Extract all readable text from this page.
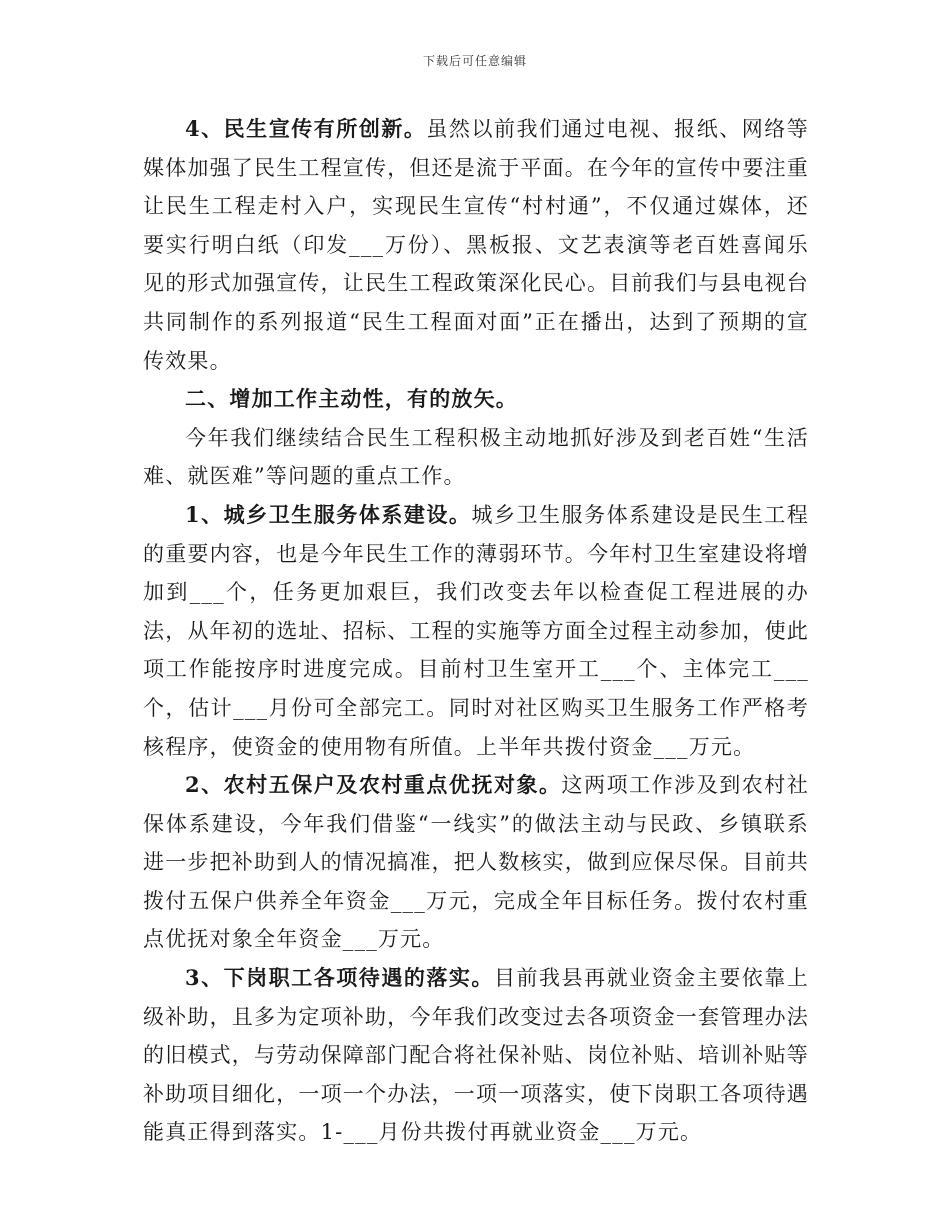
下载后可任意编辑

4、民生宣传有所创新。虽然以前我们通过电视、报纸、网络等媒体加强了民生工程宣传，但还是流于平面。在今年的宣传中要注重让民生工程走村入户，实现民生宣传“村村通”，不仅通过媒体，还要实行明白纸（印发___万份）、黑板报、文艺表演等老百姓喜闻乐见的形式加强宣传，让民生工程政策深化民心。目前我们与县电视台共同制作的系列报道“民生工程面对面”正在播出，达到了预期的宣传效果。

二、增加工作主动性，有的放矢。

今年我们继续结合民生工程积极主动地抓好涉及到老百姓“生活难、就医难”等问题的重点工作。

1、城乡卫生服务体系建设。城乡卫生服务体系建设是民生工程的重要内容，也是今年民生工作的薄弱环节。今年村卫生室建设将增加到___个，任务更加艰巨，我们改变去年以检查促工程进展的办法，从年初的选址、招标、工程的实施等方面全过程主动参加，使此项工作能按序时进度完成。目前村卫生室开工___个、主体完工___个，估计___月份可全部完工。同时对社区购买卫生服务工作严格考核程序，使资金的使用物有所值。上半年共拨付资金___万元。

2、农村五保户及农村重点优抚对象。这两项工作涉及到农村社保体系建设，今年我们借鉴“一线实”的做法主动与民政、乡镇联系进一步把补助到人的情况搞准，把人数核实，做到应保尽保。目前共拨付五保户供养全年资金___万元，完成全年目标任务。拨付农村重点优抚对象全年资金___万元。

3、下岗职工各项待遇的落实。目前我县再就业资金主要依靠上级补助，且多为定项补助，今年我们改变过去各项资金一套管理办法的旧模式，与劳动保障部门配合将社保补贴、岗位补贴、培训补贴等补助项目细化，一项一个办法，一项一项落实，使下岗职工各项待遇能真正得到落实。1-___月份共拨付再就业资金___万元。
